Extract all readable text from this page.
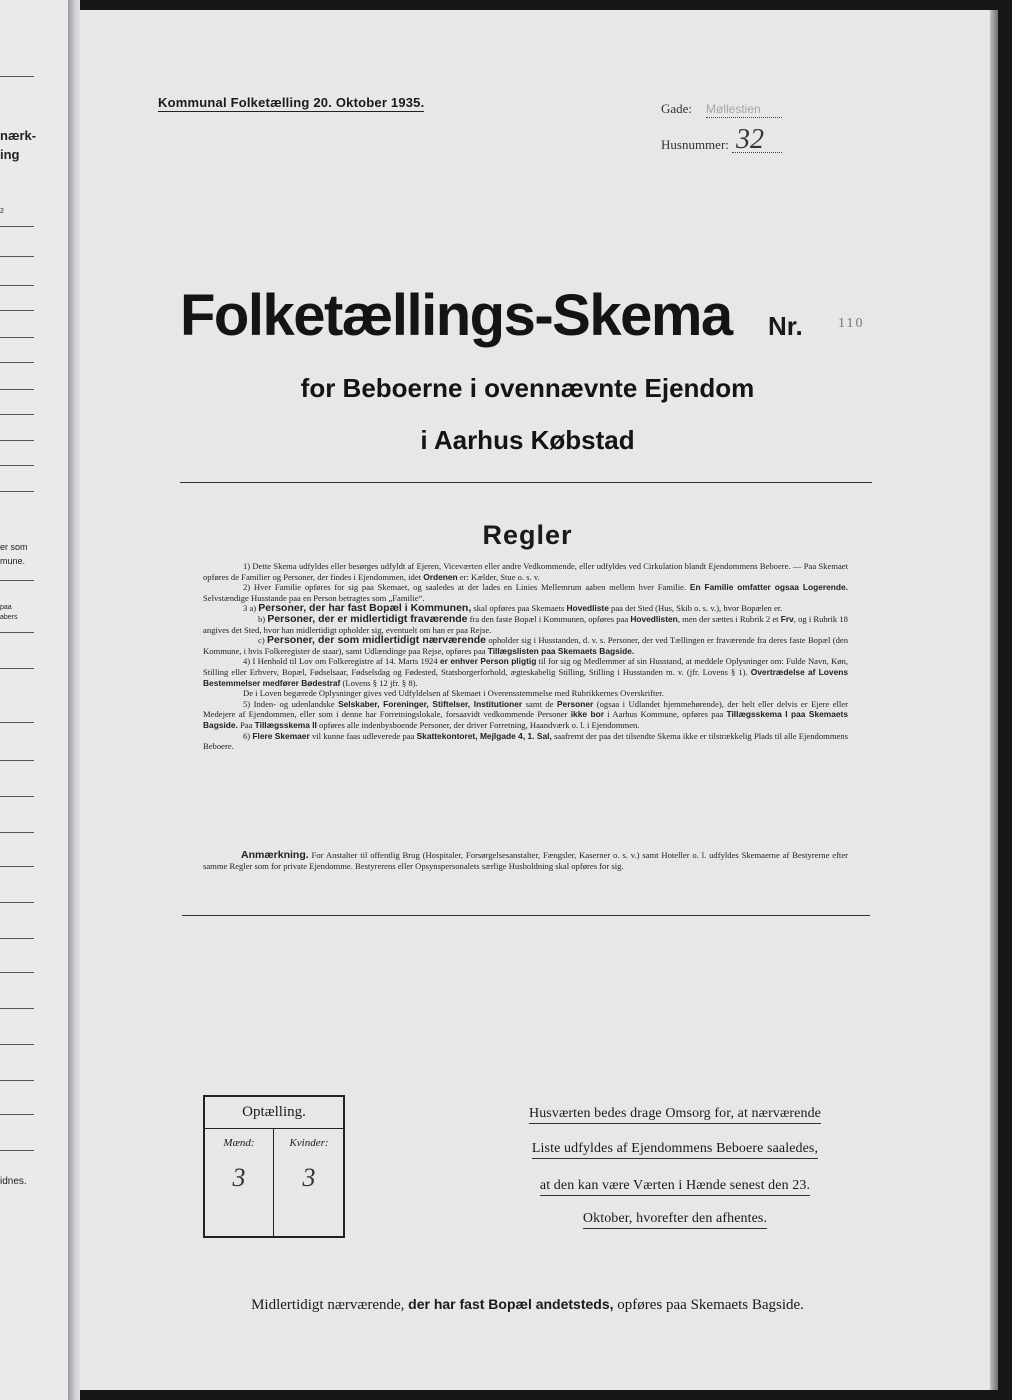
nærk-
ing
2
er som
mune.
paa
abers
idnes.
Kommunal Folketælling 20. Oktober 1935.	Gade: Møllestien
Husnummer: 32
Folketællings-Skema Nr.	110
for Beboerne i ovennævnte Ejendom
i Aarhus Købstad
Regler

1) Dette Skema udfyldes eller besørges udfyldt af Ejeren, Viceværten eller andre Vedkommende, eller udfyldes ved Cirkulation blandt Ejendommens Beboere. — Paa Skemaet opføres de Familier og Personer, der findes i Ejendommen, idet Ordenen er: Kælder, Stue o. s. v.

2) Hver Familie opføres for sig paa Skemaet, og saaledes at der lades en Linies Mellemrum aaben mellem hver Familie. En Familie omfatter ogsaa Logerende. Selvstændige Husstande paa en Person betragtes som „Familie“.

3 a) Personer, der har fast Bopæl i Kommunen, skal opføres paa Skemaets Hovedliste paa det Sted (Hus, Skib o. s. v.), hvor Bopælen er.

b) Personer, der er midlertidigt fraværende fra den faste Bopæl i Kommunen, opføres paa Hovedlisten, men der sættes i Rubrik 2 et Frv, og i Rubrik 18 angives det Sted, hvor han midlertidigt opholder sig, eventuelt om han er paa Rejse.

c) Personer, der som midlertidigt nærværende opholder sig i Husstanden, d. v. s. Personer, der ved Tællingen er fraværende fra deres faste Bopæl (den Kommune, i hvis Folkeregister de staar), samt Udlændinge paa Rejse, opføres paa Tillægslisten paa Skemaets Bagside.

4) I Henhold til Lov om Folkeregistre af 14. Marts 1924 er enhver Person pligtig til for sig og Medlemmer af sin Husstand, at meddele Oplysninger om: Fulde Navn, Køn, Stilling eller Erhverv, Bopæl, Fødselsaar, Fødselsdag og Fødested, Statsborgerforhold, ægteskabelig Stilling, Stilling i Husstanden m. v. (jfr. Lovens § 1). Overtrædelse af Lovens Bestemmelser medfører Bødestraf (Lovens § 12 jfr. § 8).

De i Loven begærede Oplysninger gives ved Udfyldelsen af Skemaet i Overensstemmelse med Rubrikkernes Overskrifter.

5) Inden- og udenlandske Selskaber, Foreninger, Stiftelser, Institutioner samt de Personer (ogsaa i Udlandet hjemmehørende), der helt eller delvis er Ejere eller Medejere af Ejendommen, eller som i denne har Forretningslokale, forsaavidt vedkommende Personer ikke bor i Aarhus Kommune, opføres paa Tillægsskema I paa Skemaets Bagside. Paa Tillægsskema II opføres alle indenbysboende Personer, der driver Forretning, Haandværk o. l. i Ejendommen.

6) Flere Skemaer vil kunne faas udleverede paa Skattekontoret, Mejlgade 4, 1. Sal, saafremt der paa det tilsendte Skema ikke er tilstrækkelig Plads til alle Ejendommens Beboere.

Anmærkning. For Anstalter til offentlig Brug (Hospitaler, Forsørgelsesanstalter, Fængsler, Kaserner o. s. v.) samt Hoteller o. l. udfyldes Skemaerne af Bestyrerne efter samme Regler som for private Ejendomme. Bestyrerens eller Opsynspersonalets særlige Husholdning skal opføres for sig.
Optælling.
Mænd:	Kvinder:
3	3
Husværten bedes drage Omsorg for, at nærværende
Liste udfyldes af Ejendommens Beboere saaledes,
at den kan være Værten i Hænde senest den 23.
Oktober, hvorefter den afhentes.
Midlertidigt nærværende, der har fast Bopæl andetsteds, opføres paa Skemaets Bagside.
